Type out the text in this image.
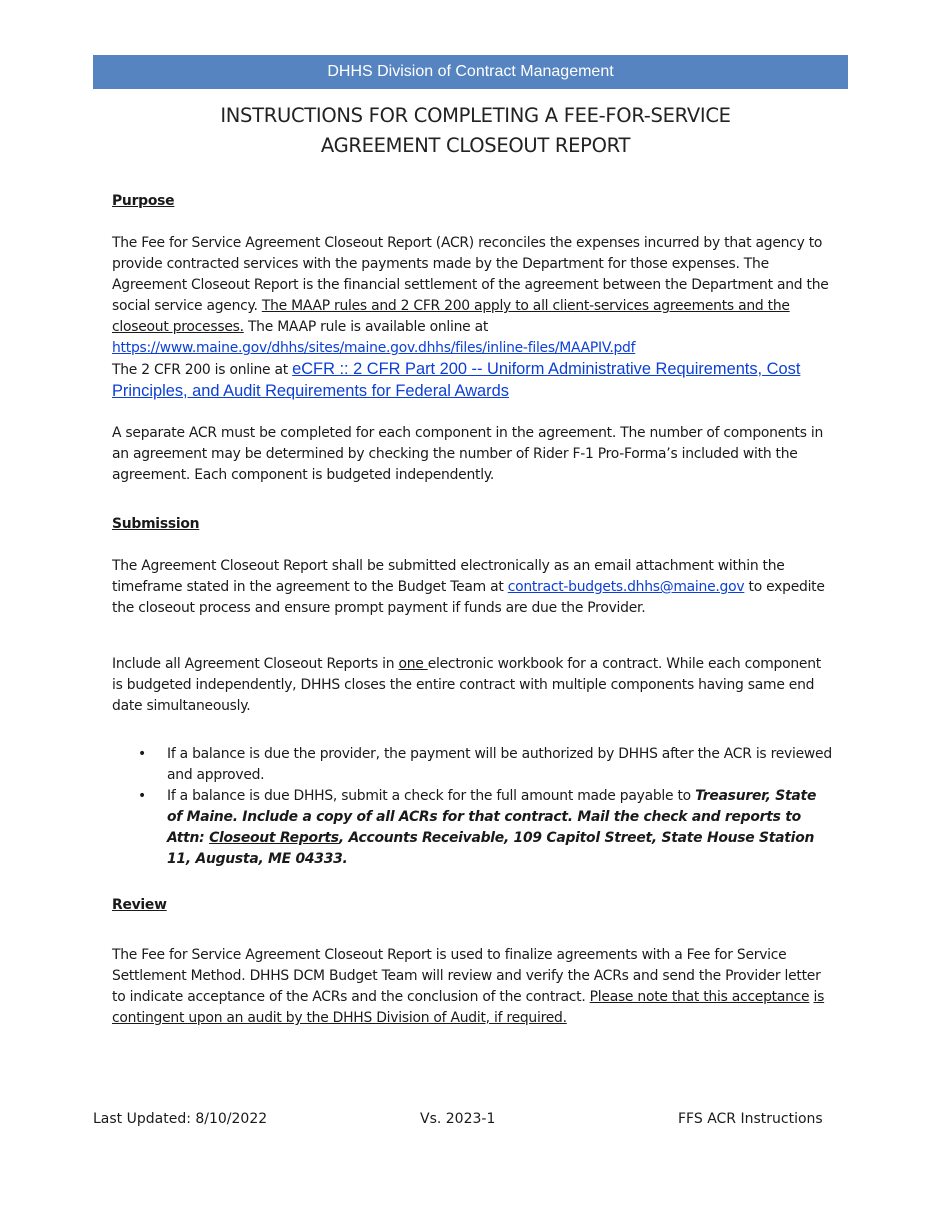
DHHS Division of Contract Management
INSTRUCTIONS FOR COMPLETING A FEE-FOR-SERVICE
AGREEMENT CLOSEOUT REPORT

Purpose

The Fee for Service Agreement Closeout Report (ACR) reconciles the expenses incurred by that agency to provide contracted services with the payments made by the Department for those expenses. The Agreement Closeout Report is the financial settlement of the agreement between the Department and the social service agency. The MAAP rules and 2 CFR 200 apply to all client-services agreements and the closeout processes. The MAAP rule is available online at
https://www.maine.gov/dhhs/sites/maine.gov.dhhs/files/inline-files/MAAPIV.pdf
The 2 CFR 200 is online at eCFR :: 2 CFR Part 200 -- Uniform Administrative Requirements, Cost Principles, and Audit Requirements for Federal Awards

A separate ACR must be completed for each component in the agreement. The number of components in an agreement may be determined by checking the number of Rider F-1 Pro-Forma’s included with the agreement. Each component is budgeted independently.

Submission

The Agreement Closeout Report shall be submitted electronically as an email attachment within the timeframe stated in the agreement to the Budget Team at contract-budgets.dhhs@maine.gov to expedite the closeout process and ensure prompt payment if funds are due the Provider.

Include all Agreement Closeout Reports in one electronic workbook for a contract. While each component is budgeted independently, DHHS closes the entire contract with multiple components having same end date simultaneously.

• If a balance is due the provider, the payment will be authorized by DHHS after the ACR is reviewed and approved.
• If a balance is due DHHS, submit a check for the full amount made payable to Treasurer, State of Maine. Include a copy of all ACRs for that contract. Mail the check and reports to Attn: Closeout Reports, Accounts Receivable, 109 Capitol Street, State House Station 11, Augusta, ME 04333.

Review

The Fee for Service Agreement Closeout Report is used to finalize agreements with a Fee for Service Settlement Method. DHHS DCM Budget Team will review and verify the ACRs and send the Provider letter to indicate acceptance of the ACRs and the conclusion of the contract. Please note that this acceptance is contingent upon an audit by the DHHS Division of Audit, if required.

Last Updated: 8/10/2022	Vs. 2023-1	FFS ACR Instructions
